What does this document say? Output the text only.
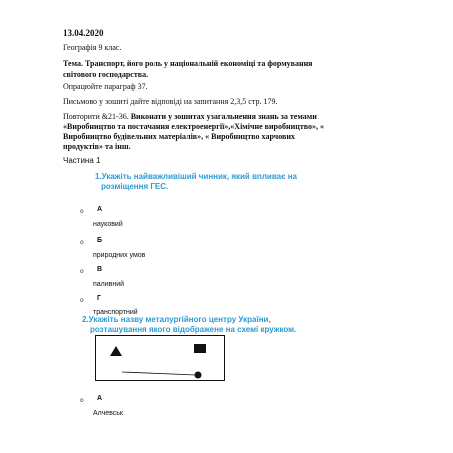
13.04.2020
Географія 9 клас.
Тема. Транспорт, його роль у національній економіці та формування
світового господарства.
Опрацюйте параграф 37.
Письмово у зошиті дайте відповіді на запитання 2,3,5 стр. 179.
Повторити &21-36. Виконати у зошитах узагальнення знань за темами
«Виробництво та постачання електроенергії»,«Хімічне виробництво», «
Виробництво будівельних матеріалів», « Виробництво харчових
продуктів» та інш.
Частина 1
1.Укажіть найважливіший чинник, який впливає на
розміщення ГЕС.
o А
науковий
o Б
природних умов
o В
паливний
o Г
транспортний
2.Укажіть назву металургійного центру України,
розташування якого відображене на схемі кружком.
o А
Алчевськ
